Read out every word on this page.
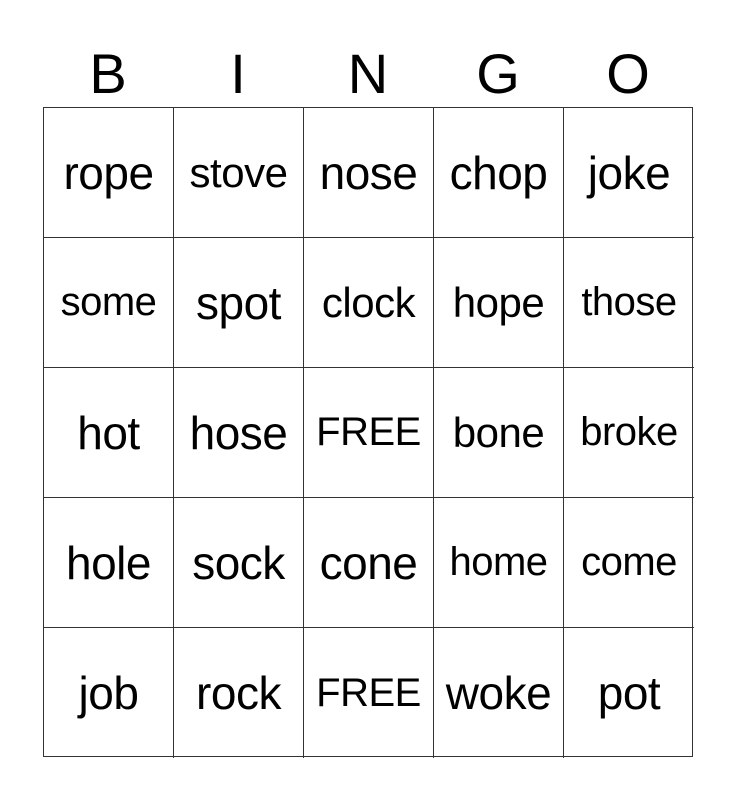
B	I	N	G	O
rope stove nose chop joke
some spot clock hope those
hot	hose FREE bone broke
hole sock cone home come
job	rock FREE woke	pot
